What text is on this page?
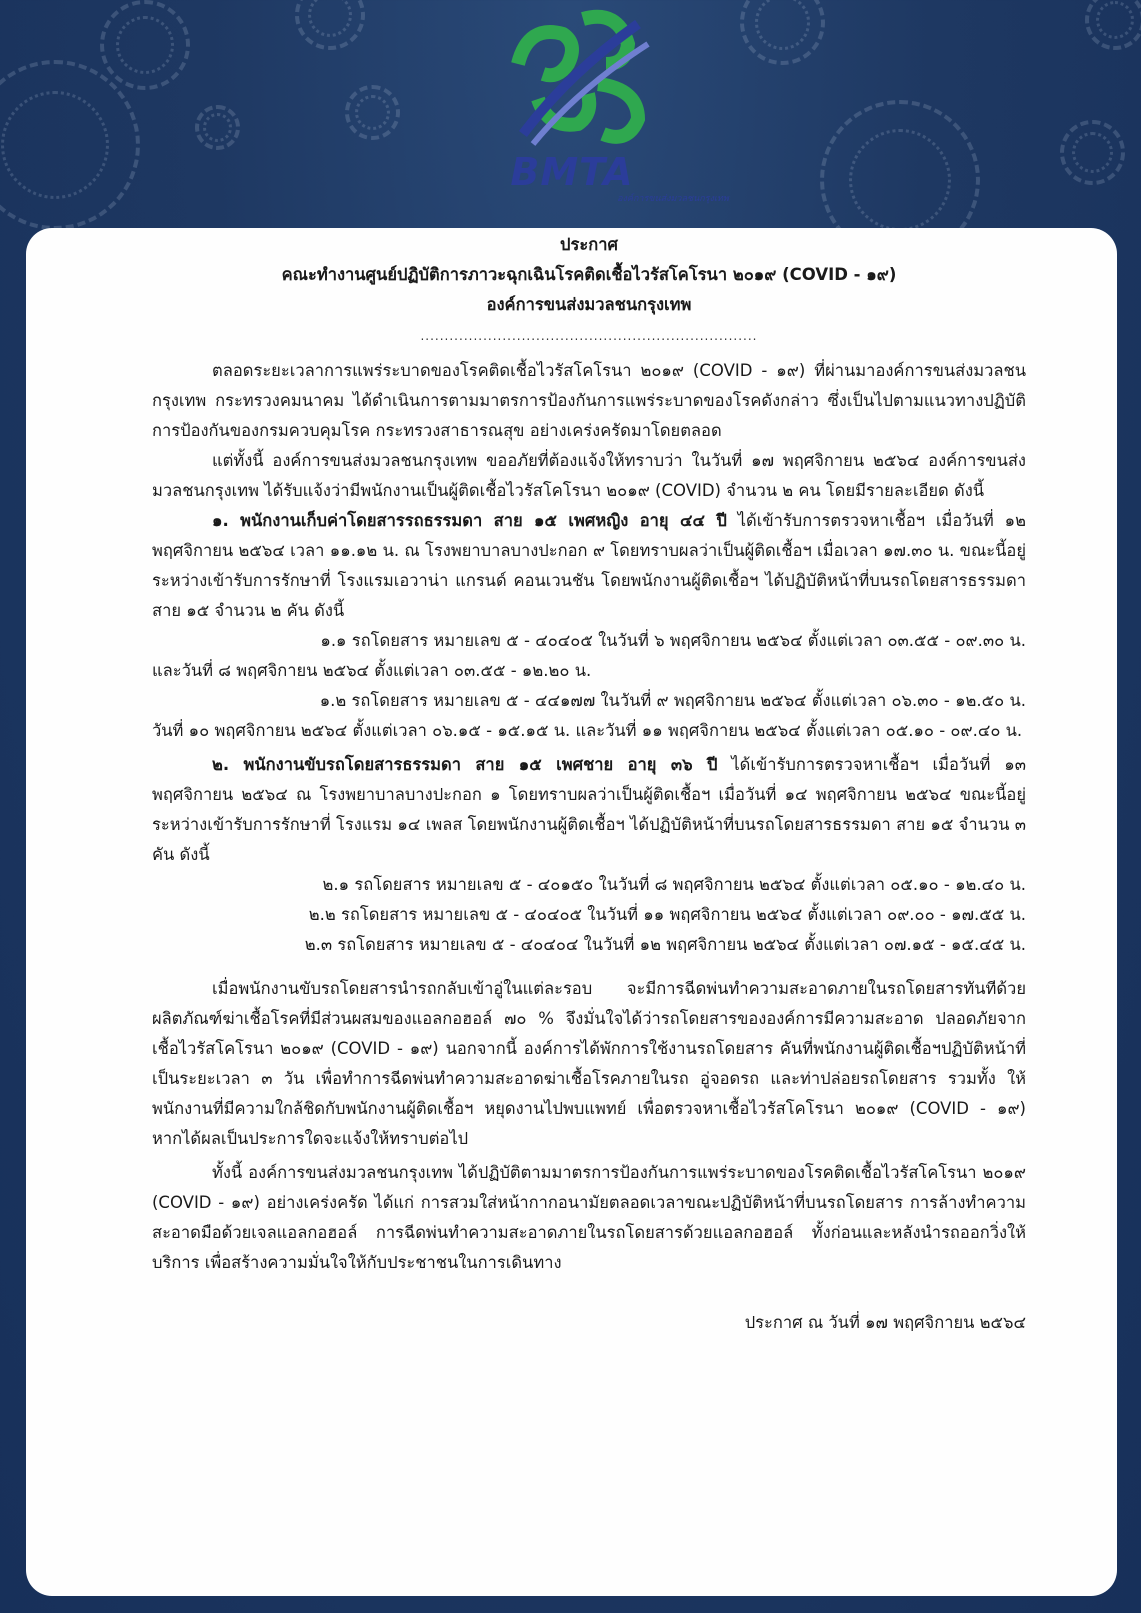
BMTA
องค์การขนส่งมวลชนกรุงเทพ
ประกาศ
คณะทำงานศูนย์ปฏิบัติการภาวะฉุกเฉินโรคติดเชื้อไวรัสโคโรนา ๒๐๑๙ (COVID - ๑๙)
องค์การขนส่งมวลชนกรุงเทพ
......................................................................

ตลอดระยะเวลาการแพร่ระบาดของโรคติดเชื้อไวรัสโคโรนา ๒๐๑๙ (COVID - ๑๙) ที่ผ่านมาองค์การขนส่งมวลชนกรุงเทพ กระทรวงคมนาคม ได้ดำเนินการตามมาตรการป้องกันการแพร่ระบาดของโรคดังกล่าว ซึ่งเป็นไปตามแนวทางปฏิบัติการป้องกันของกรมควบคุมโรค กระทรวงสาธารณสุข อย่างเคร่งครัดมาโดยตลอด

แต่ทั้งนี้ องค์การขนส่งมวลชนกรุงเทพ ขออภัยที่ต้องแจ้งให้ทราบว่า ในวันที่ ๑๗ พฤศจิกายน ๒๕๖๔ องค์การขนส่งมวลชนกรุงเทพ ได้รับแจ้งว่ามีพนักงานเป็นผู้ติดเชื้อไวรัสโคโรนา ๒๐๑๙ (COVID) จำนวน ๒ คน โดยมีรายละเอียด ดังนี้

๑. พนักงานเก็บค่าโดยสารรถธรรมดา สาย ๑๕ เพศหญิง อายุ ๔๔ ปี ได้เข้ารับการตรวจหาเชื้อฯ เมื่อวันที่ ๑๒ พฤศจิกายน ๒๕๖๔ เวลา ๑๑.๑๒ น. ณ โรงพยาบาลบางปะกอก ๙ โดยทราบผลว่าเป็นผู้ติดเชื้อฯ เมื่อเวลา ๑๗.๓๐ น. ขณะนี้อยู่ระหว่างเข้ารับการรักษาที่ โรงแรมเอวาน่า แกรนด์ คอนเวนชัน โดยพนักงานผู้ติดเชื้อฯ ได้ปฏิบัติหน้าที่บนรถโดยสารธรรมดา สาย ๑๕ จำนวน ๒ คัน ดังนี้

๑.๑ รถโดยสาร หมายเลข ๕ - ๔๐๔๐๕ ในวันที่ ๖ พฤศจิกายน ๒๕๖๔ ตั้งแต่เวลา ๐๓.๕๕ - ๐๙.๓๐ น.

และวันที่ ๘ พฤศจิกายน ๒๕๖๔ ตั้งแต่เวลา ๐๓.๕๕ - ๑๒.๒๐ น.

๑.๒ รถโดยสาร หมายเลข ๕ - ๔๔๑๗๗ ในวันที่ ๙ พฤศจิกายน ๒๕๖๔ ตั้งแต่เวลา ๐๖.๓๐ - ๑๒.๕๐ น.

วันที่ ๑๐ พฤศจิกายน ๒๕๖๔ ตั้งแต่เวลา ๐๖.๑๕ - ๑๕.๑๕ น. และวันที่ ๑๑ พฤศจิกายน ๒๕๖๔ ตั้งแต่เวลา ๐๕.๑๐ - ๐๙.๔๐ น.

๒. พนักงานขับรถโดยสารธรรมดา สาย ๑๕ เพศชาย อายุ ๓๖ ปี ได้เข้ารับการตรวจหาเชื้อฯ เมื่อวันที่ ๑๓ พฤศจิกายน ๒๕๖๔ ณ โรงพยาบาลบางปะกอก ๑ โดยทราบผลว่าเป็นผู้ติดเชื้อฯ เมื่อวันที่ ๑๔ พฤศจิกายน ๒๕๖๔ ขณะนี้อยู่ระหว่างเข้ารับการรักษาที่ โรงแรม ๑๔ เพลส โดยพนักงานผู้ติดเชื้อฯ ได้ปฏิบัติหน้าที่บนรถโดยสารธรรมดา สาย ๑๕ จำนวน ๓ คัน ดังนี้

๒.๑ รถโดยสาร หมายเลข ๕ - ๔๐๑๕๐ ในวันที่ ๘ พฤศจิกายน ๒๕๖๔ ตั้งแต่เวลา ๐๕.๑๐ - ๑๒.๔๐ น.

๒.๒ รถโดยสาร หมายเลข ๕ - ๔๐๔๐๕ ในวันที่ ๑๑ พฤศจิกายน ๒๕๖๔ ตั้งแต่เวลา ๐๙.๐๐ - ๑๗.๕๕ น.

๒.๓ รถโดยสาร หมายเลข ๕ - ๔๐๔๐๔ ในวันที่ ๑๒ พฤศจิกายน ๒๕๖๔ ตั้งแต่เวลา ๐๗.๑๕ - ๑๕.๔๕ น.

เมื่อพนักงานขับรถโดยสารนำรถกลับเข้าอู่ในแต่ละรอบ จะมีการฉีดพ่นทำความสะอาดภายในรถโดยสารทันทีด้วยผลิตภัณฑ์ฆ่าเชื้อโรคที่มีส่วนผสมของแอลกอฮอล์ ๗๐ % จึงมั่นใจได้ว่ารถโดยสารขององค์การมีความสะอาด ปลอดภัยจากเชื้อไวรัสโคโรนา ๒๐๑๙ (COVID - ๑๙) นอกจากนี้ องค์การได้พักการใช้งานรถโดยสาร คันที่พนักงานผู้ติดเชื้อฯปฏิบัติหน้าที่ เป็นระยะเวลา ๓ วัน เพื่อทำการฉีดพ่นทำความสะอาดฆ่าเชื้อโรคภายในรถ อู่จอดรถ และท่าปล่อยรถโดยสาร รวมทั้ง ให้พนักงานที่มีความใกล้ชิดกับพนักงานผู้ติดเชื้อฯ หยุดงานไปพบแพทย์ เพื่อตรวจหาเชื้อไวรัสโคโรนา ๒๐๑๙ (COVID - ๑๙) หากได้ผลเป็นประการใดจะแจ้งให้ทราบต่อไป

ทั้งนี้ องค์การขนส่งมวลชนกรุงเทพ ได้ปฏิบัติตามมาตรการป้องกันการแพร่ระบาดของโรคติดเชื้อไวรัสโคโรนา ๒๐๑๙ (COVID - ๑๙) อย่างเคร่งครัด ได้แก่ การสวมใส่หน้ากากอนามัยตลอดเวลาขณะปฏิบัติหน้าที่บนรถโดยสาร การล้างทำความสะอาดมือด้วยเจลแอลกอฮอล์ การฉีดพ่นทำความสะอาดภายในรถโดยสารด้วยแอลกอฮอล์ ทั้งก่อนและหลังนำรถออกวิ่งให้บริการ เพื่อสร้างความมั่นใจให้กับประชาชนในการเดินทาง

ประกาศ ณ วันที่ ๑๗ พฤศจิกายน ๒๕๖๔
